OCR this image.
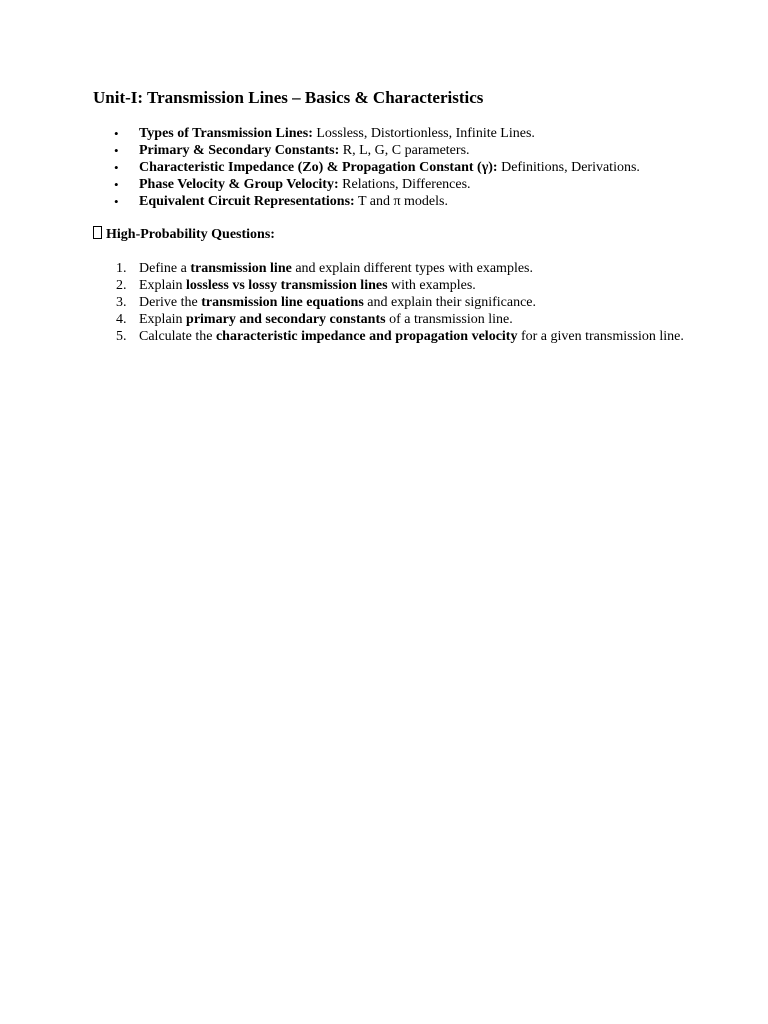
Unit-I: Transmission Lines – Basics & Characteristics
• Types of Transmission Lines: Lossless, Distortionless, Infinite Lines.
• Primary & Secondary Constants: R, L, G, C parameters.
• Characteristic Impedance (Zo) & Propagation Constant (γ): Definitions, Derivations.
• Phase Velocity & Group Velocity: Relations, Differences.
• Equivalent Circuit Representations: T and π models.

High-Probability Questions:

1. Define a transmission line and explain different types with examples.
2. Explain lossless vs lossy transmission lines with examples.
3. Derive the transmission line equations and explain their significance.
4. Explain primary and secondary constants of a transmission line.
5. Calculate the characteristic impedance and propagation velocity for a given transmission line.
